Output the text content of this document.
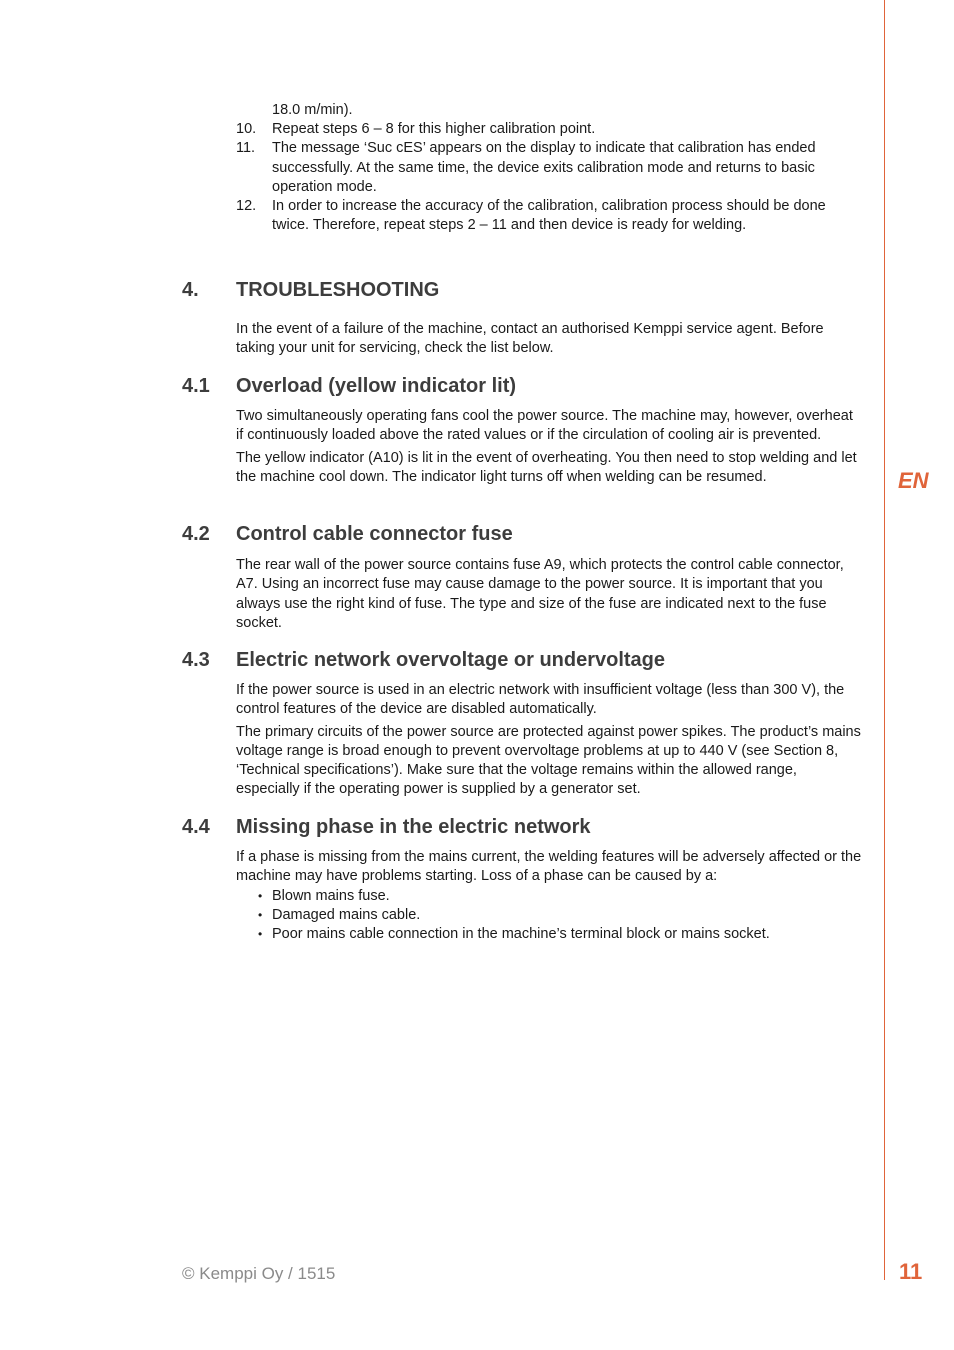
EN

18.0 m/min).

10.	Repeat steps 6 – 8 for this higher calibration point.
11.	The message ‘Suc cES’ appears on the display to indicate that calibration has ended successfully. At the same time, the device exits calibration mode and returns to basic operation mode.
12.	In order to increase the accuracy of the calibration, calibration process should be done twice. Therefore, repeat steps 2 – 11 and then device is ready for welding.
4. TROUBLESHOOTING

In the event of a failure of the machine, contact an authorised Kemppi service agent. Before taking your unit for servicing, check the list below.

4.1 Overload (yellow indicator lit)

Two simultaneously operating fans cool the power source. The machine may, however, overheat if continuously loaded above the rated values or if the circulation of cooling air is prevented.

The yellow indicator (A10) is lit in the event of overheating. You then need to stop welding and let the machine cool down. The indicator light turns off when welding can be resumed.

4.2 Control cable connector fuse

The rear wall of the power source contains fuse A9, which protects the control cable connector, A7. Using an incorrect fuse may cause damage to the power source. It is important that you always use the right kind of fuse. The type and size of the fuse are indicated next to the fuse socket.

4.3 Electric network overvoltage or undervoltage

If the power source is used in an electric network with insufficient voltage (less than 300 V), the control features of the device are disabled automatically.

The primary circuits of the power source are protected against power spikes. The product’s mains voltage range is broad enough to prevent overvoltage problems at up to 440 V (see Section 8, ‘Technical specifications’). Make sure that the voltage remains within the allowed range, especially if the operating power is supplied by a generator set.

4.4 Missing phase in the electric network

If a phase is missing from the mains current, the welding features will be adversely affected or the machine may have problems starting. Loss of a phase can be caused by a:

• Blown mains fuse.
• Damaged mains cable.
• Poor mains cable connection in the machine’s terminal block or mains socket.
© Kemppi Oy / 1515	11
